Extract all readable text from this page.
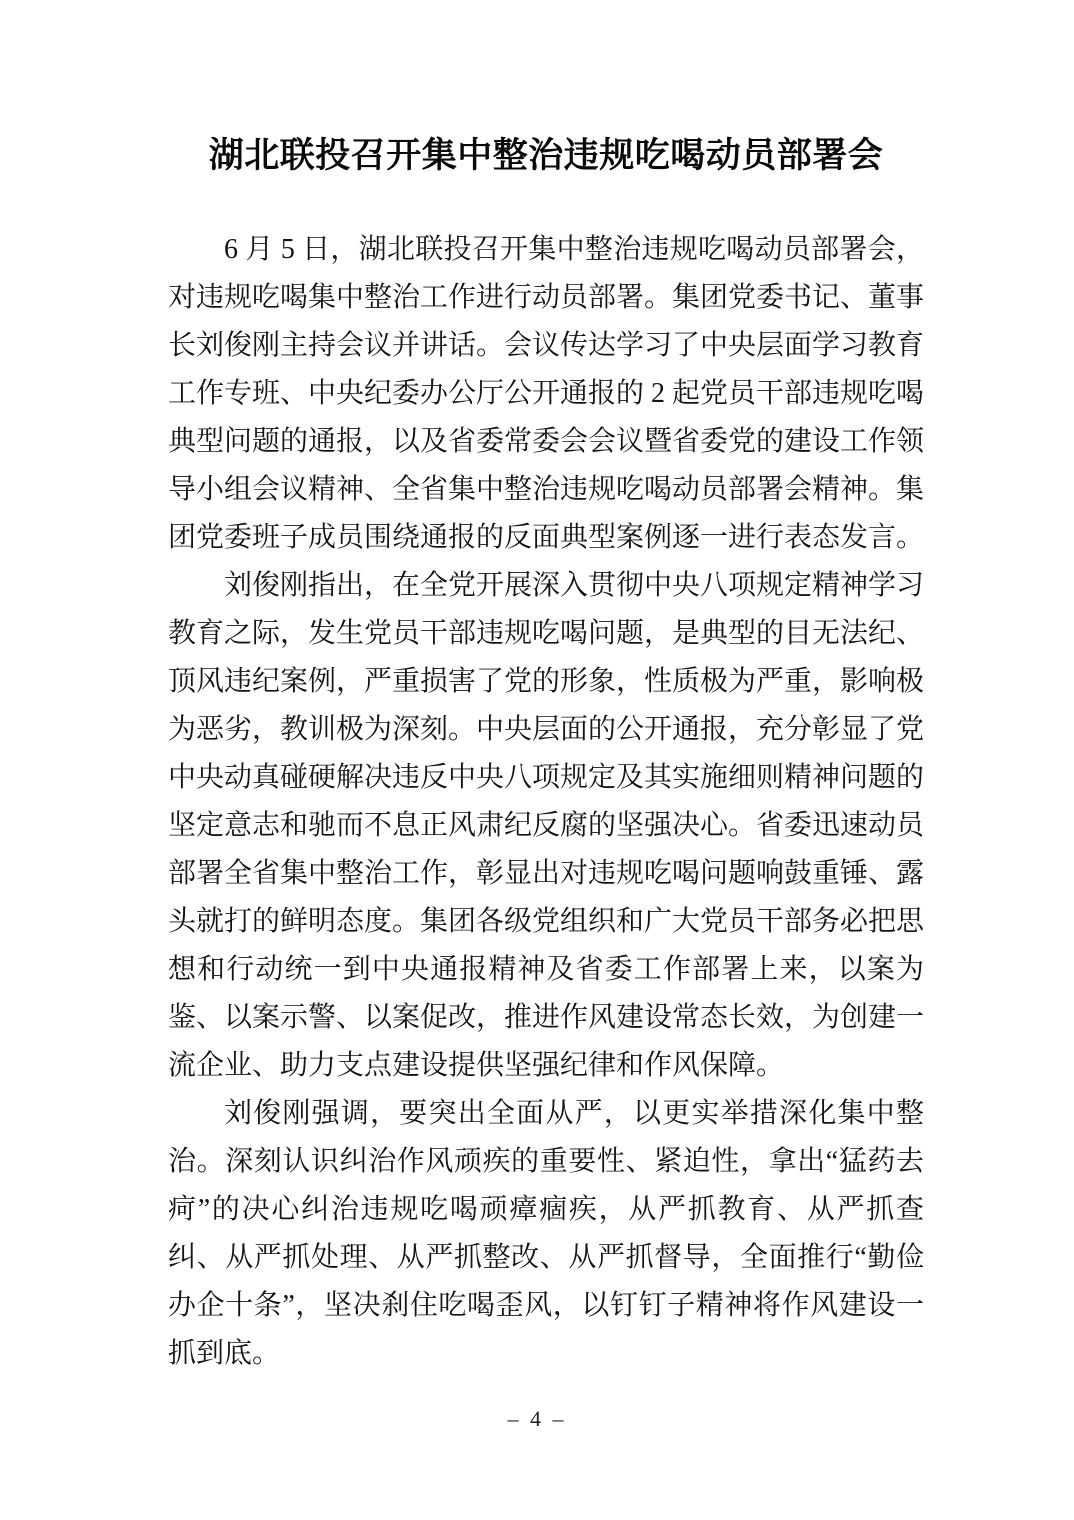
湖北联投召开集中整治违规吃喝动员部署会

6 月 5 日，湖北联投召开集中整治违规吃喝动员部署会，对违规吃喝集中整治工作进行动员部署。集团党委书记、董事长刘俊刚主持会议并讲话。会议传达学习了中央层面学习教育工作专班、中央纪委办公厅公开通报的 2 起党员干部违规吃喝典型问题的通报，以及省委常委会会议暨省委党的建设工作领导小组会议精神、全省集中整治违规吃喝动员部署会精神。集团党委班子成员围绕通报的反面典型案例逐一进行表态发言。

刘俊刚指出，在全党开展深入贯彻中央八项规定精神学习教育之际，发生党员干部违规吃喝问题，是典型的目无法纪、顶风违纪案例，严重损害了党的形象，性质极为严重，影响极为恶劣，教训极为深刻。中央层面的公开通报，充分彰显了党中央动真碰硬解决违反中央八项规定及其实施细则精神问题的坚定意志和驰而不息正风肃纪反腐的坚强决心。省委迅速动员部署全省集中整治工作，彰显出对违规吃喝问题响鼓重锤、露头就打的鲜明态度。集团各级党组织和广大党员干部务必把思想和行动统一到中央通报精神及省委工作部署上来，以案为鉴、以案示警、以案促改，推进作风建设常态长效，为创建一流企业、助力支点建设提供坚强纪律和作风保障。

刘俊刚强调，要突出全面从严，以更实举措深化集中整治。深刻认识纠治作风顽疾的重要性、紧迫性，拿出“猛药去疴”的决心纠治违规吃喝顽瘴痼疾，从严抓教育、从严抓查纠、从严抓处理、从严抓整改、从严抓督导，全面推行“勤俭办企十条”，坚决刹住吃喝歪风，以钉钉子精神将作风建设一抓到底。

– 4 –
